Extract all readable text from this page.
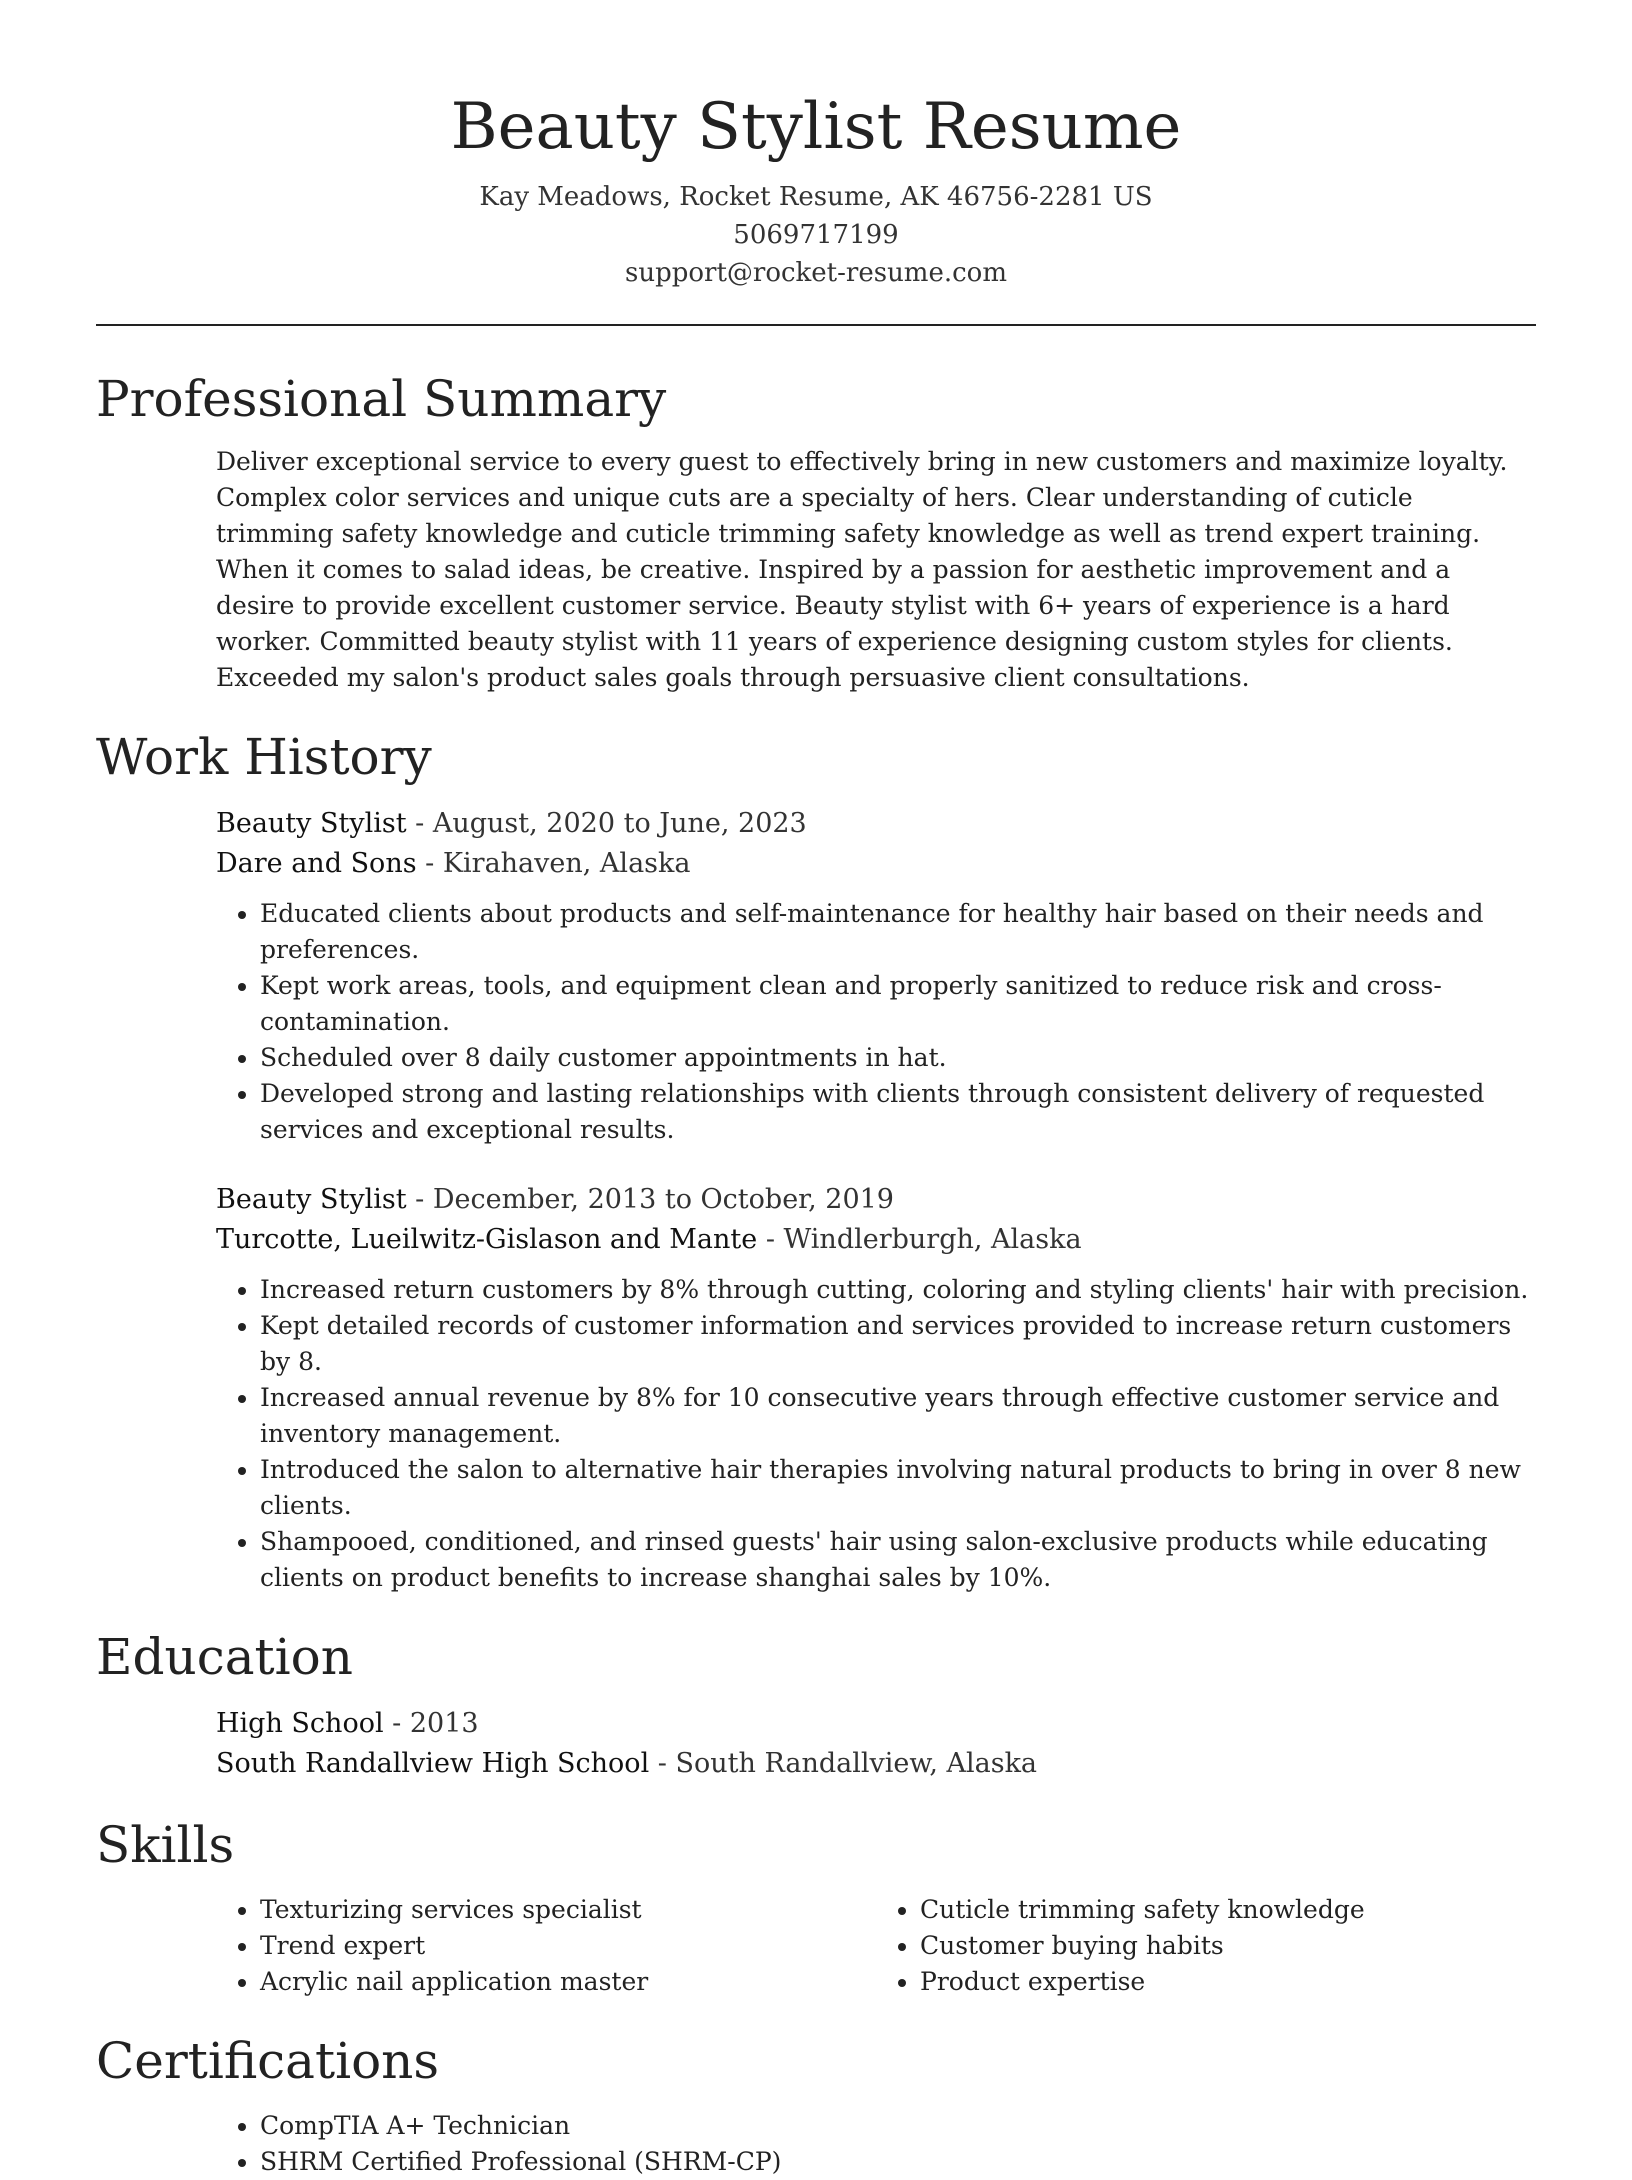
Beauty Stylist Resume
Kay Meadows, Rocket Resume, AK 46756-2281 US
5069717199
support@rocket-resume.com
Professional Summary

Deliver exceptional service to every guest to effectively bring in new customers and maximize loyalty. Complex color services and unique cuts are a specialty of hers. Clear understanding of cuticle trimming safety knowledge and cuticle trimming safety knowledge as well as trend expert training. When it comes to salad ideas, be creative. Inspired by a passion for aesthetic improvement and a desire to provide excellent customer service. Beauty stylist with 6+ years of experience is a hard worker. Committed beauty stylist with 11 years of experience designing custom styles for clients. Exceeded my salon's product sales goals through persuasive client consultations.

Work History
Beauty Stylist - August, 2020 to June, 2023
Dare and Sons - Kirahaven, Alaska
• Educated clients about products and self-maintenance for healthy hair based on their needs and preferences.
• Kept work areas, tools, and equipment clean and properly sanitized to reduce risk and cross-contamination.
• Scheduled over 8 daily customer appointments in hat.
• Developed strong and lasting relationships with clients through consistent delivery of requested services and exceptional results.
Beauty Stylist - December, 2013 to October, 2019
Turcotte, Lueilwitz-Gislason and Mante - Windlerburgh, Alaska
• Increased return customers by 8% through cutting, coloring and styling clients' hair with precision.
• Kept detailed records of customer information and services provided to increase return customers by 8.
• Increased annual revenue by 8% for 10 consecutive years through effective customer service and inventory management.
• Introduced the salon to alternative hair therapies involving natural products to bring in over 8 new clients.
• Shampooed, conditioned, and rinsed guests' hair using salon-exclusive products while educating clients on product benefits to increase shanghai sales by 10%.
Education
High School - 2013
South Randallview High School - South Randallview, Alaska
Skills
• Texturizing services specialist
• Trend expert
• Acrylic nail application master
• Cuticle trimming safety knowledge
• Customer buying habits
• Product expertise
Certifications
• CompTIA A+ Technician
• SHRM Certified Professional (SHRM-CP)
